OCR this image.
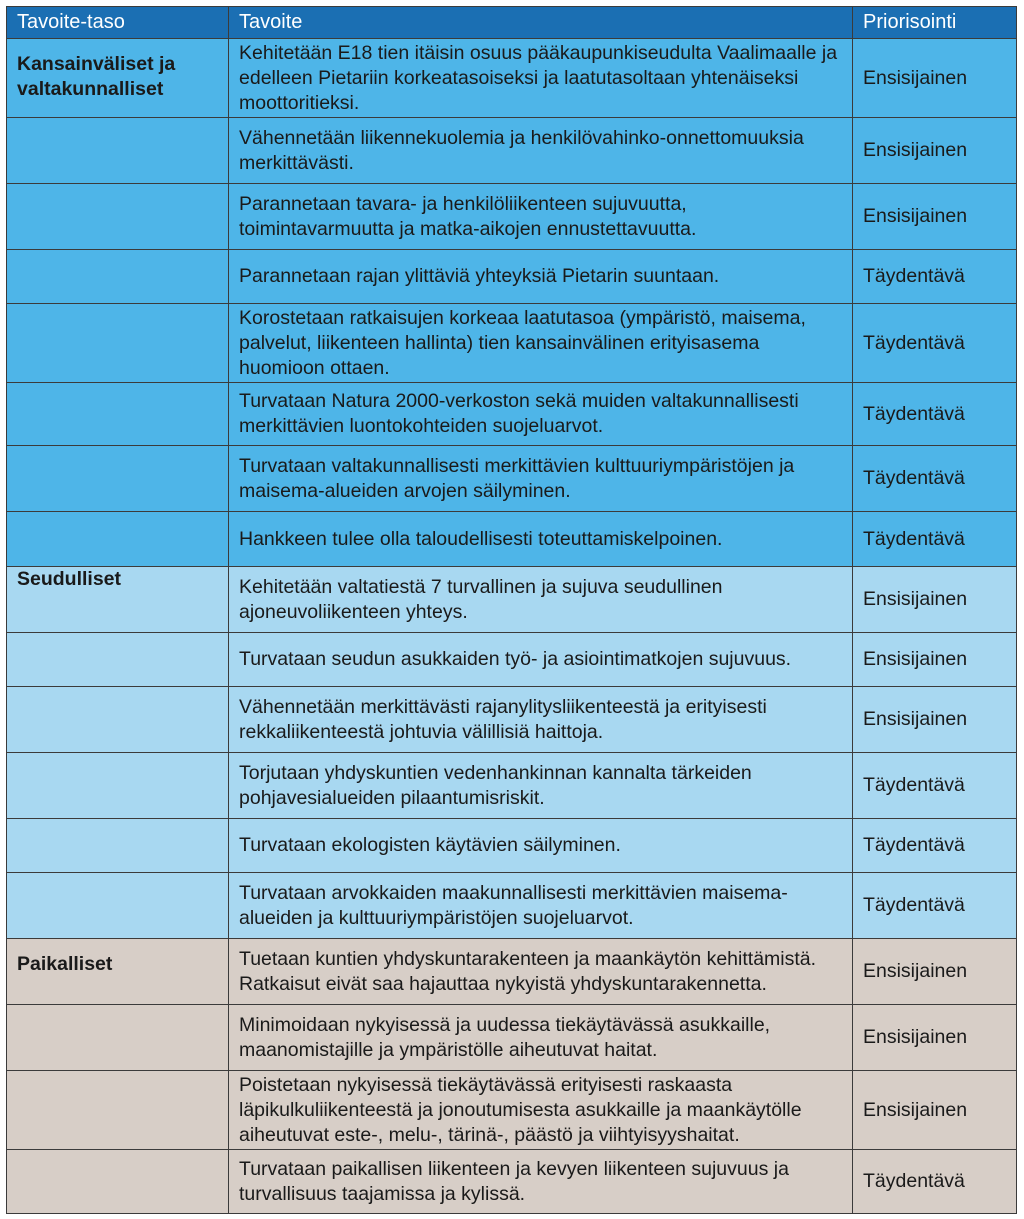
Tavoite-taso	Tavoite	Priorisointi
Kansainväliset ja valtakunnalliset	Kehitetään E18 tien itäisin osuus pääkaupunkiseudulta Vaalimaalle ja edelleen Pietariin korkeatasoiseksi ja laatutasoltaan yhtenäiseksi moottoritieksi.	Ensisijainen
	Vähennetään liikennekuolemia ja henkilövahinko-onnettomuuksia merkittävästi.	Ensisijainen
	Parannetaan tavara- ja henkilöliikenteen sujuvuutta, toimintavarmuutta ja matka-aikojen ennustettavuutta.	Ensisijainen
	Parannetaan rajan ylittäviä yhteyksiä Pietarin suuntaan.	Täydentävä
	Korostetaan ratkaisujen korkeaa laatutasoa (ympäristö, maisema, palvelut, liikenteen hallinta) tien kansainvälinen erityisasema huomioon ottaen.	Täydentävä
	Turvataan Natura 2000-verkoston sekä muiden valtakunnallisesti merkittävien luontokohteiden suojeluarvot.	Täydentävä
	Turvataan valtakunnallisesti merkittävien kulttuuriympäristöjen ja maisema-alueiden arvojen säilyminen.	Täydentävä
	Hankkeen tulee olla taloudellisesti toteuttamiskelpoinen.	Täydentävä
Seudulliset	Kehitetään valtatiestä 7 turvallinen ja sujuva seudullinen ajoneuvoliikenteen yhteys.	Ensisijainen
	Turvataan seudun asukkaiden työ- ja asiointimatkojen sujuvuus.	Ensisijainen
	Vähennetään merkittävästi rajanylitysliikenteestä ja erityisesti rekkaliikenteestä johtuvia välillisiä haittoja.	Ensisijainen
	Torjutaan yhdyskuntien vedenhankinnan kannalta tärkeiden pohjavesialueiden pilaantumisriskit.	Täydentävä
	Turvataan ekologisten käytävien säilyminen.	Täydentävä
	Turvataan arvokkaiden maakunnallisesti merkittävien maisema-alueiden ja kulttuuriympäristöjen suojeluarvot.	Täydentävä
Paikalliset	Tuetaan kuntien yhdyskuntarakenteen ja maankäytön kehittämistä. Ratkaisut eivät saa hajauttaa nykyistä yhdyskuntarakennetta.	Ensisijainen
	Minimoidaan nykyisessä ja uudessa tiekäytävässä asukkaille, maanomistajille ja ympäristölle aiheutuvat haitat.	Ensisijainen
	Poistetaan nykyisessä tiekäytävässä erityisesti raskaasta läpikulkuliikenteestä ja jonoutumisesta asukkaille ja maankäytölle aiheutuvat este-, melu-, tärinä-, päästö ja viihtyisyyshaitat.	Ensisijainen
	Turvataan paikallisen liikenteen ja kevyen liikenteen sujuvuus ja turvallisuus taajamissa ja kylissä.	Täydentävä
